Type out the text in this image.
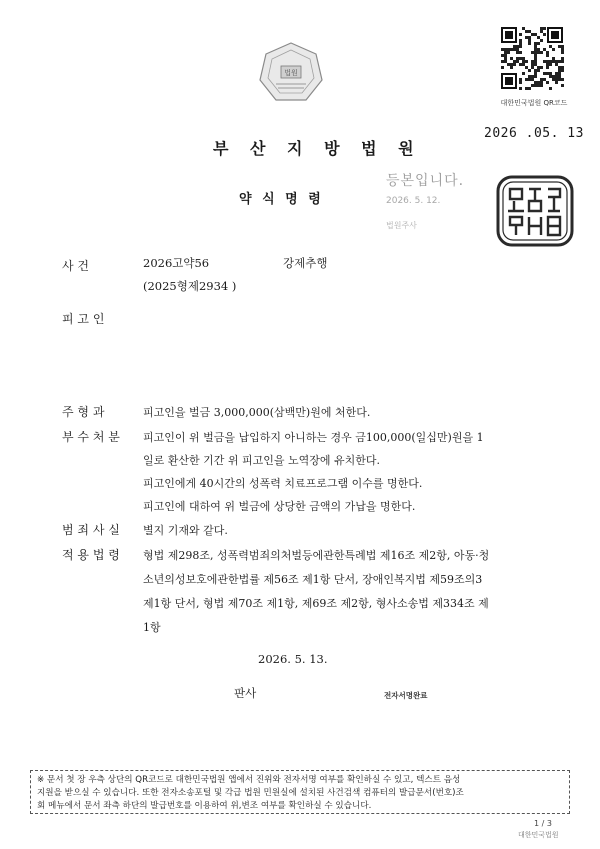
법원
대한민국법원 QR코드
2026 .05. 13
부 산 지 방 법 원
약 식 명 령
등본입니다.
2026. 5. 12.
법원주사
사 건	2026고약56	강제추행
(2025형제2934 )
피 고 인
주 형 과	피고인을 벌금 3,000,000(삼백만)원에 처한다.
부 수 처 분 피고인이 위 벌금을 납입하지 아니하는 경우 금100,000(일십만)원을 1
일로 환산한 기간 위 피고인을 노역장에 유치한다.
피고인에게 40시간의 성폭력 치료프로그램 이수를 명한다.
피고인에 대하여 위 벌금에 상당한 금액의 가납을 명한다.
범 죄 사 실 별지 기재와 같다.
적 용 법 령 형법 제298조, 성폭력범죄의처벌등에관한특례법 제16조 제2항, 아동·청
소년의성보호에관한법률 제56조 제1항 단서, 장애인복지법 제59조의3
제1항 단서, 형법 제70조 제1항, 제69조 제2항, 형사소송법 제334조 제
1항
2026. 5. 13.
판사	전자서명완료
※ 문서 첫 장 우측 상단의 QR코드로 대한민국법원 앱에서 진위와 전자서명 여부를 확인하실 수 있고, 텍스트 음성
지원을 받으실 수 있습니다. 또한 전자소송포털 및 각급 법원 민원실에 설치된 사건검색 컴퓨터의 발급문서(번호)조
회 메뉴에서 문서 좌측 하단의 발급번호를 이용하여 위,변조 여부를 확인하실 수 있습니다.
1 / 3
대한민국법원
